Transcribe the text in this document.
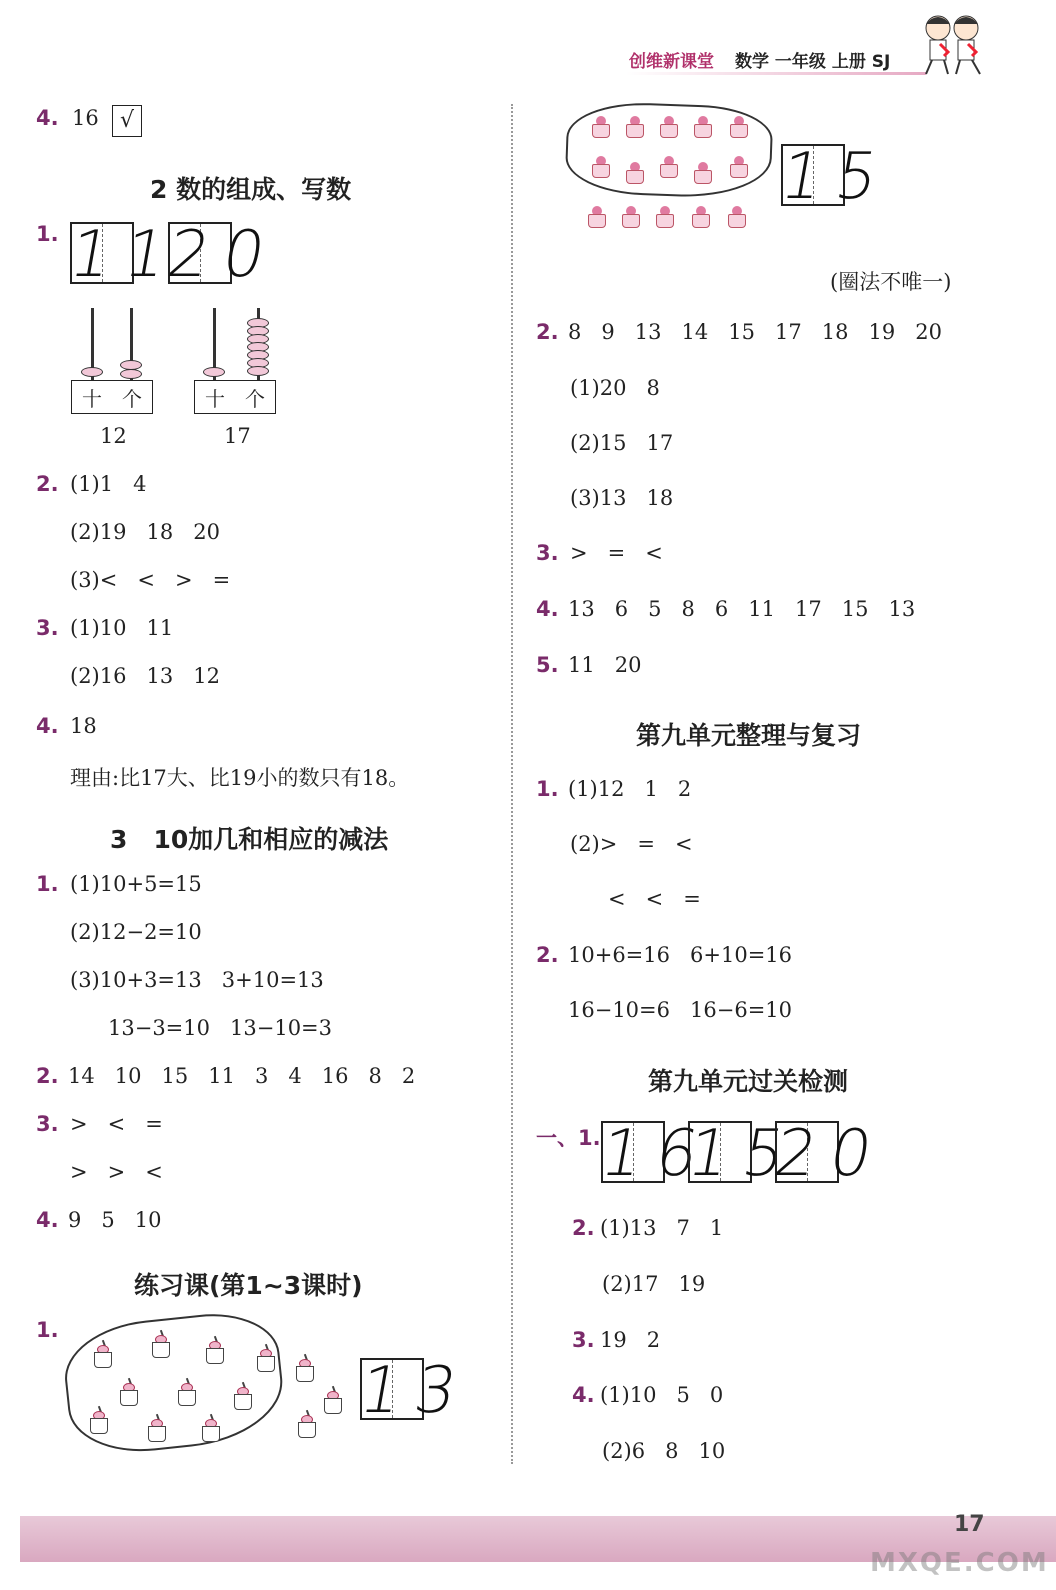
创维新课堂 数学 一年级 上册 SJ
4. 16 √
2 数的组成、写数
1. 11
20
十 个
12
十 个
17
2. (1)1   4
(2)19   18   20
(3)<   <   >   =
3. (1)10   11
(2)16   13   12
4. 18
理由:比17大、比19小的数只有18。
3   10加几和相应的减法
1. (1)10+5=15
(2)12−2=10
(3)10+3=13   3+10=13
13−3=10   13−10=3
2. 14   10   15   11   3   4   16   8   2
3. >   <   =
>   >   <
4. 9   5   10
练习课(第1~3课时)
1.
13
15
(圈法不唯一)
2. 8   9   13   14   15   17   18   19   20
(1)20   8
(2)15   17
(3)13   18
3. >   =   <
4. 13   6   5   8   6   11   17   15   13
5. 11   20
第九单元整理与复习
1. (1)12   1   2
(2)>   =   <
<   <   =
2. 10+6=16   6+10=16
16−10=6   16−6=10
第九单元过关检测
一、1.
16
15
20
2. (1)13   7   1
(2)17   19
3. 19   2
4. (1)10   5   0
(2)6   8   10
17
MXQE.COM
